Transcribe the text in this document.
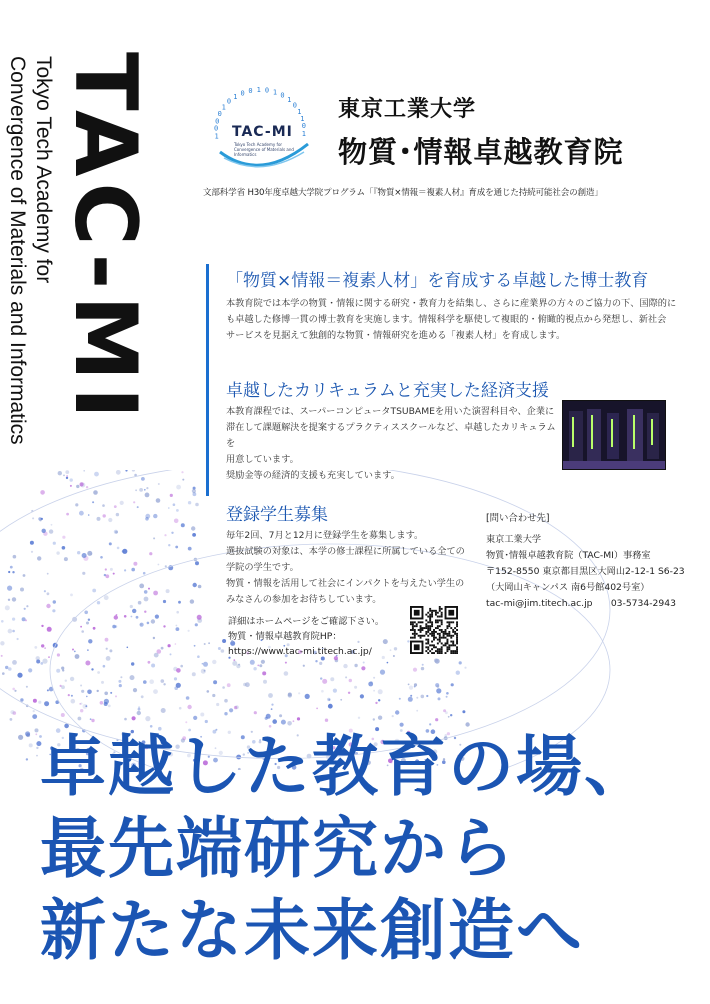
TAC-MI
Tokyo Tech Academy for
Convergence of Materials and Informatics	1
0
0
0
1
0
1 0 0 1 0 1 0
1
0
1
1
0
1
TAC-MI
Tokyo Tech Academy for Convergence of Materials and Informatics
東京工業大学
物質･情報卓越教育院
文部科学省 H30年度卓越大学院プログラム「『物質×情報＝複素人材』育成を通じた持続可能社会の創造」
「物質×情報＝複素人材」を育成する卓越した博士教育
本教育院では本学の物質・情報に関する研究・教育力を結集し、さらに産業界の方々のご協力の下、国際的に
も卓越した修博一貫の博士教育を実施します。情報科学を駆使して複眼的・俯瞰的視点から発想し、新社会
サービスを見据えて独創的な物質・情報研究を進める「複素人材」を育成します。
卓越したカリキュラムと充実した経済支援
本教育課程では、スーパーコンピュータTSUBAMEを用いた演習科目や、企業に
滞在して課題解決を提案するプラクティススクールなど、卓越したカリキュラムを
用意しています。
奨励金等の経済的支援も充実しています。
登録学生募集
毎年2回、7月と12月に登録学生を募集します。
選抜試験の対象は、本学の修士課程に所属している全ての
学院の学生です。
物質・情報を活用して社会にインパクトを与えたい学生の
みなさんの参加をお待ちしています。
詳細はホームページをご確認下さい。
物質・情報卓越教育院HP：
https://www.tac-mi.titech.ac.jp/
[問い合わせ先]
東京工業大学
物質･情報卓越教育院（TAC-MI）事務室
〒152-8550 東京都目黒区大岡山2-12-1 S6-23
（大岡山キャンパス 南6号館402号室）
tac-mi@jim.titech.ac.jp　　03-5734-2943
卓越した教育の場、
最先端研究から
新たな未来創造へ
